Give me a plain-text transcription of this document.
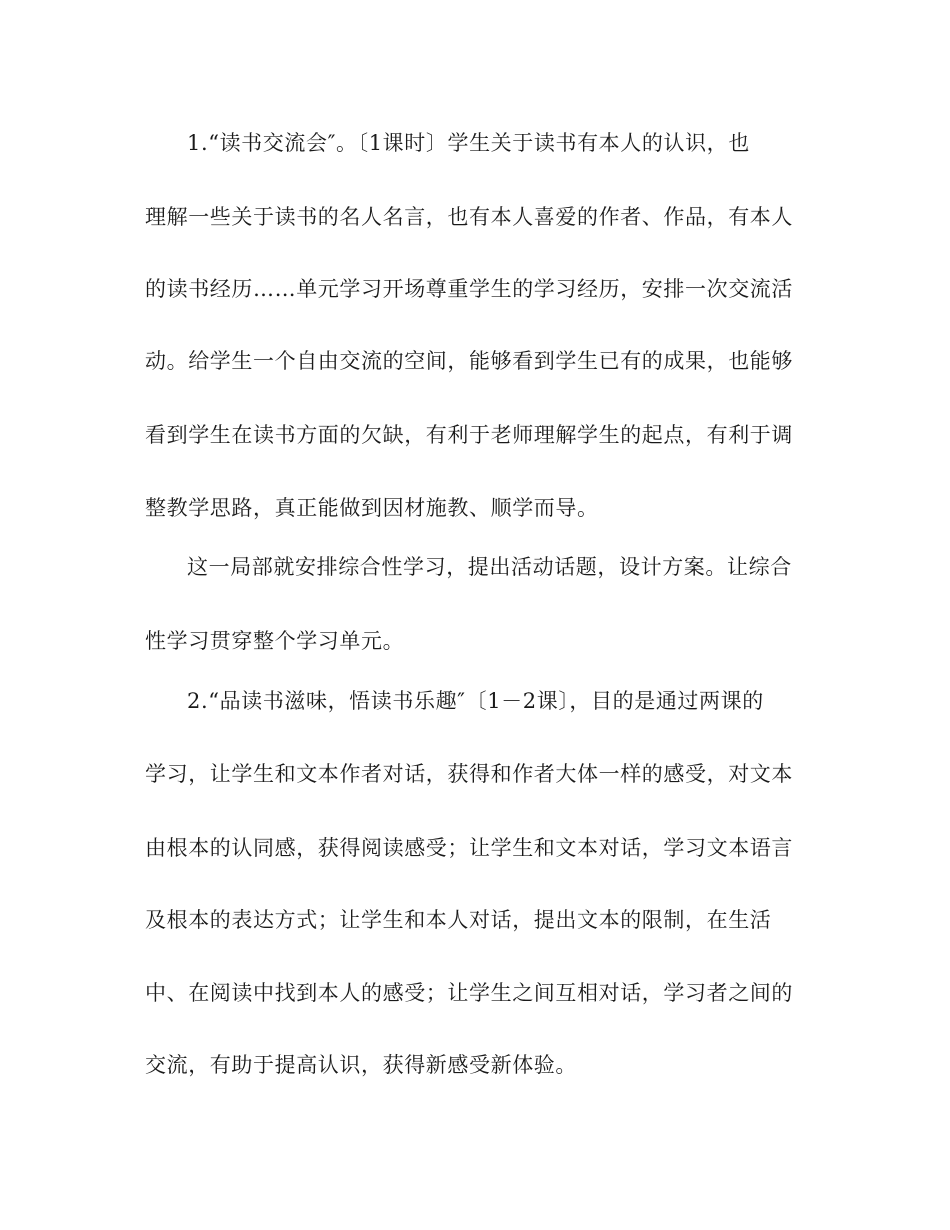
1.“读书交流会″。〔1课时〕学生关于读书有本人的认识，也
理解一些关于读书的名人名言，也有本人喜爱的作者、作品，有本人
的读书经历……单元学习开场尊重学生的学习经历，安排一次交流活
动。给学生一个自由交流的空间，能够看到学生已有的成果，也能够
看到学生在读书方面的欠缺，有利于老师理解学生的起点，有利于调
整教学思路，真正能做到因材施教、顺学而导。
这一局部就安排综合性学习，提出活动话题，设计方案。让综合
性学习贯穿整个学习单元。
2.“品读书滋味，悟读书乐趣″〔1－2课〕，目的是通过两课的
学习，让学生和文本作者对话，获得和作者大体一样的感受，对文本
由根本的认同感，获得阅读感受；让学生和文本对话，学习文本语言
及根本的表达方式；让学生和本人对话，提出文本的限制，在生活
中、在阅读中找到本人的感受；让学生之间互相对话，学习者之间的
交流，有助于提高认识，获得新感受新体验。
